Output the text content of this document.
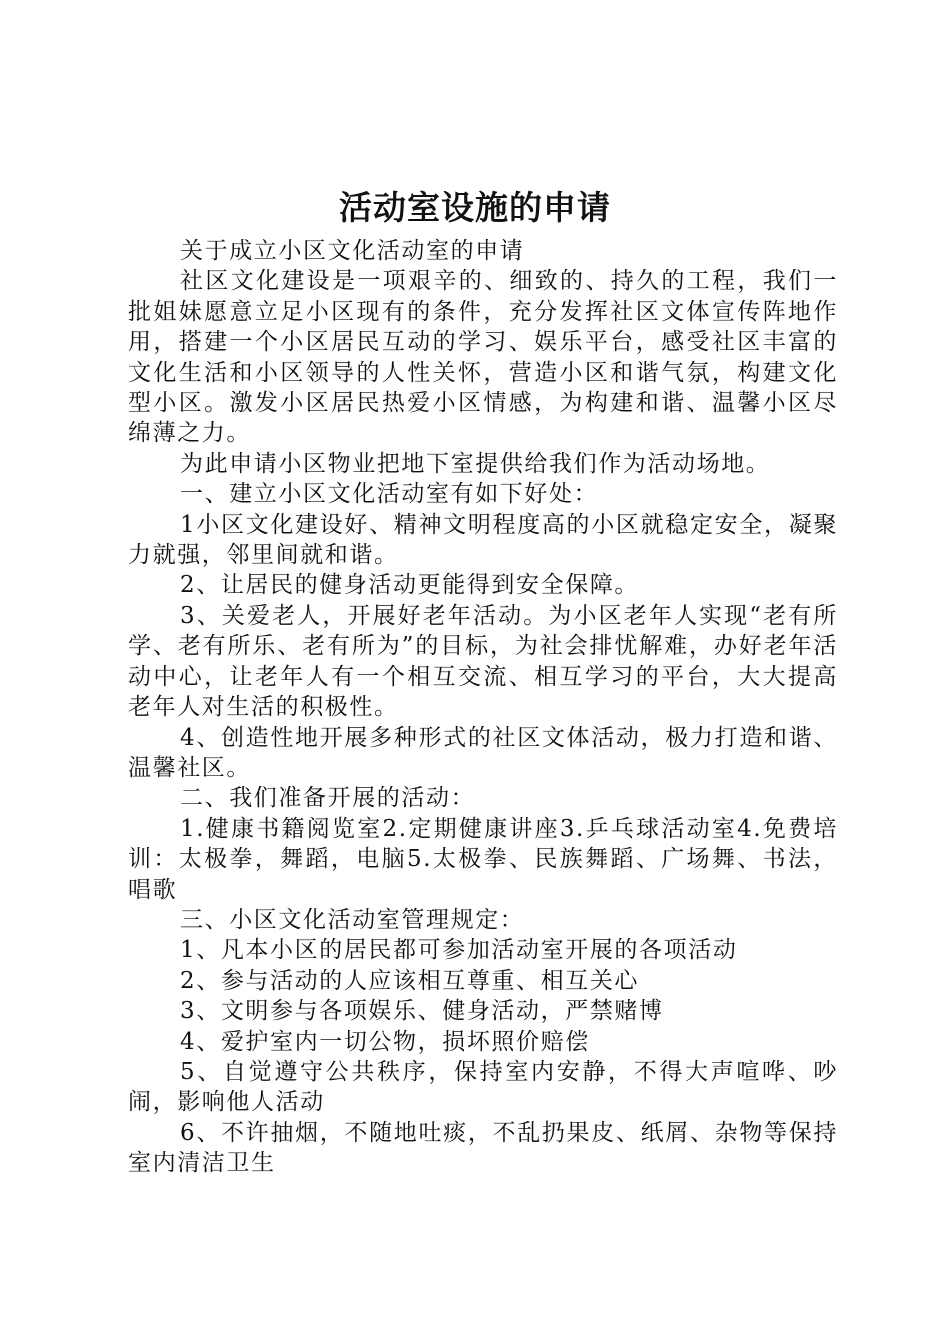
活动室设施的申请

关于成立小区文化活动室的申请

社区文化建设是一项艰辛的、细致的、持久的工程，我们一批姐妹愿意立足小区现有的条件，充分发挥社区文体宣传阵地作用，搭建一个小区居民互动的学习、娱乐平台，感受社区丰富的文化生活和小区领导的人性关怀，营造小区和谐气氛，构建文化型小区。激发小区居民热爱小区情感，为构建和谐、温馨小区尽绵薄之力。

为此申请小区物业把地下室提供给我们作为活动场地。

一、建立小区文化活动室有如下好处：

1小区文化建设好、精神文明程度高的小区就稳定安全，凝聚力就强，邻里间就和谐。

2、让居民的健身活动更能得到安全保障。

3、关爱老人，开展好老年活动。为小区老年人实现“老有所学、老有所乐、老有所为”的目标，为社会排忧解难，办好老年活动中心，让老年人有一个相互交流、相互学习的平台，大大提高老年人对生活的积极性。

4、创造性地开展多种形式的社区文体活动，极力打造和谐、温馨社区。

二、我们准备开展的活动：

1.健康书籍阅览室2.定期健康讲座3.乒乓球活动室4.免费培训：太极拳，舞蹈，电脑5.太极拳、民族舞蹈、广场舞、书法，唱歌

三、小区文化活动室管理规定：

1、凡本小区的居民都可参加活动室开展的各项活动

2、参与活动的人应该相互尊重、相互关心

3、文明参与各项娱乐、健身活动，严禁赌博

4、爱护室内一切公物，损坏照价赔偿

5、自觉遵守公共秩序，保持室内安静，不得大声喧哗、吵闹，影响他人活动

6、不许抽烟，不随地吐痰，不乱扔果皮、纸屑、杂物等保持室内清洁卫生
